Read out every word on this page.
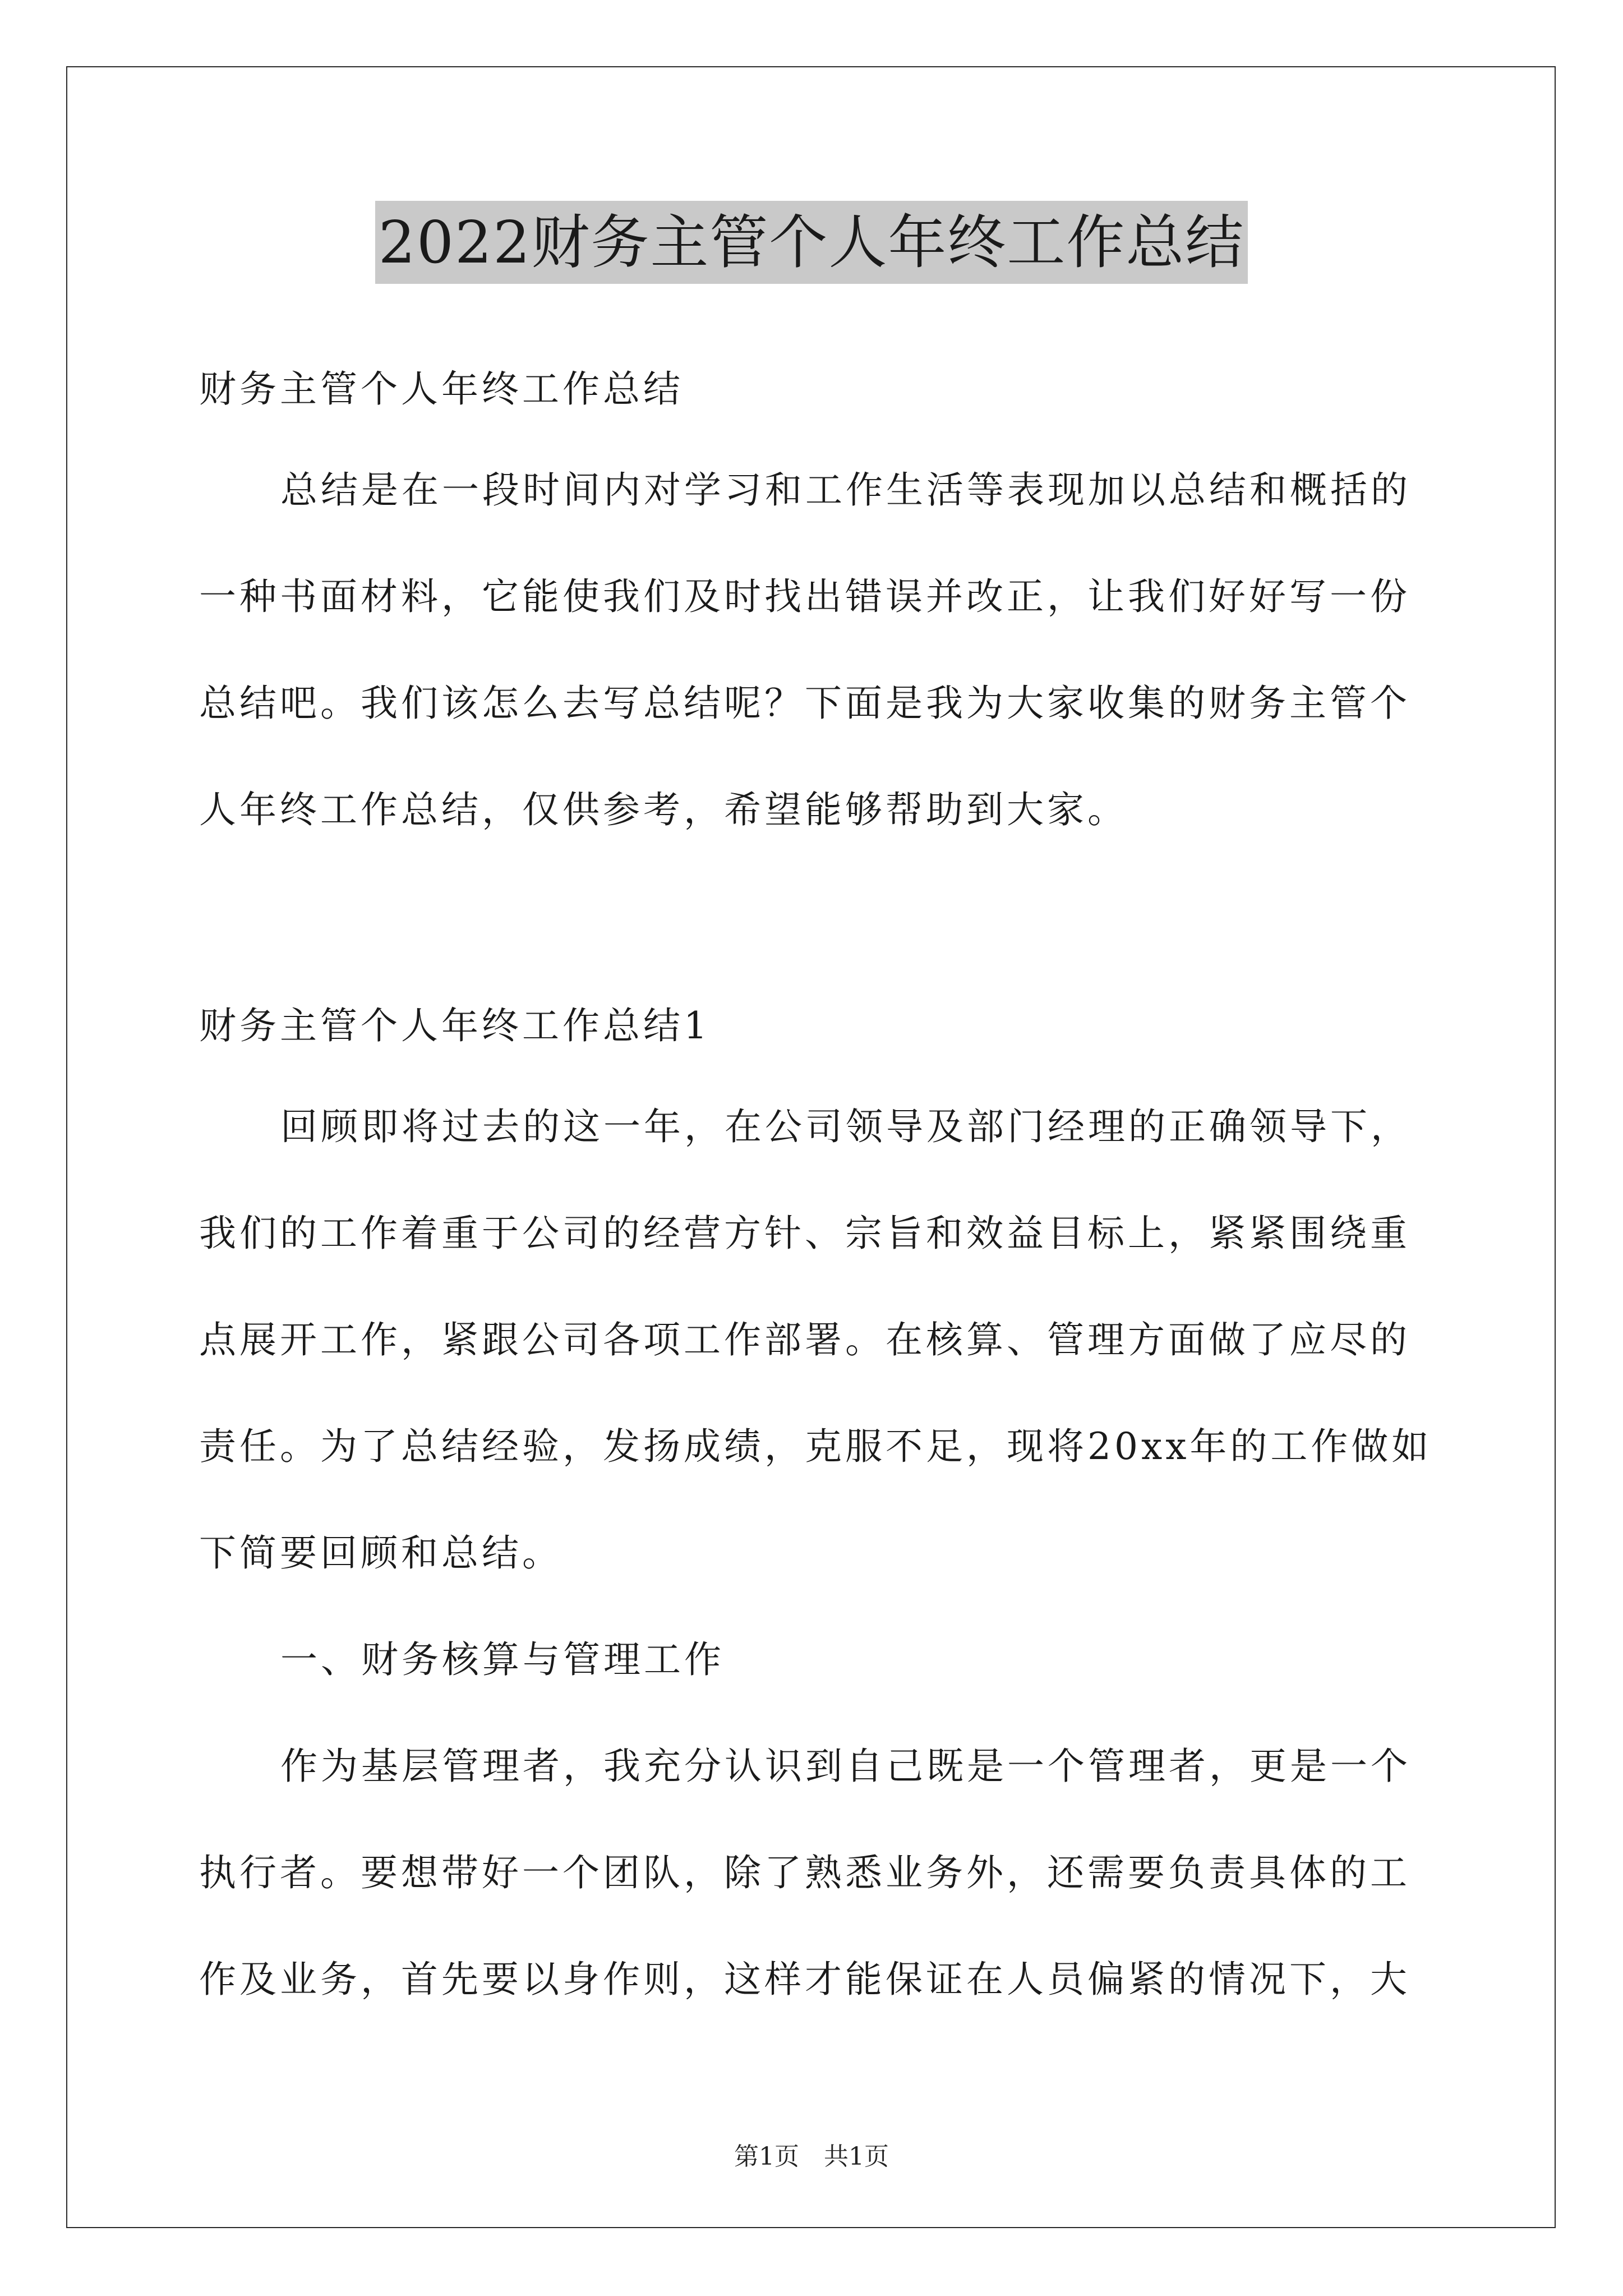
2022财务主管个人年终工作总结

财务主管个人年终工作总结

总结是在一段时间内对学习和工作生活等表现加以总结和概括的

一种书面材料，它能使我们及时找出错误并改正，让我们好好写一份

总结吧。我们该怎么去写总结呢？下面是我为大家收集的财务主管个

人年终工作总结，仅供参考，希望能够帮助到大家。

财务主管个人年终工作总结1

回顾即将过去的这一年，在公司领导及部门经理的正确领导下，

我们的工作着重于公司的经营方针、宗旨和效益目标上，紧紧围绕重

点展开工作，紧跟公司各项工作部署。在核算、管理方面做了应尽的

责任。为了总结经验，发扬成绩，克服不足，现将20xx年的工作做如

下简要回顾和总结。

一、财务核算与管理工作

作为基层管理者，我充分认识到自己既是一个管理者，更是一个

执行者。要想带好一个团队，除了熟悉业务外，还需要负责具体的工

作及业务，首先要以身作则，这样才能保证在人员偏紧的情况下，大

第1页　共1页
